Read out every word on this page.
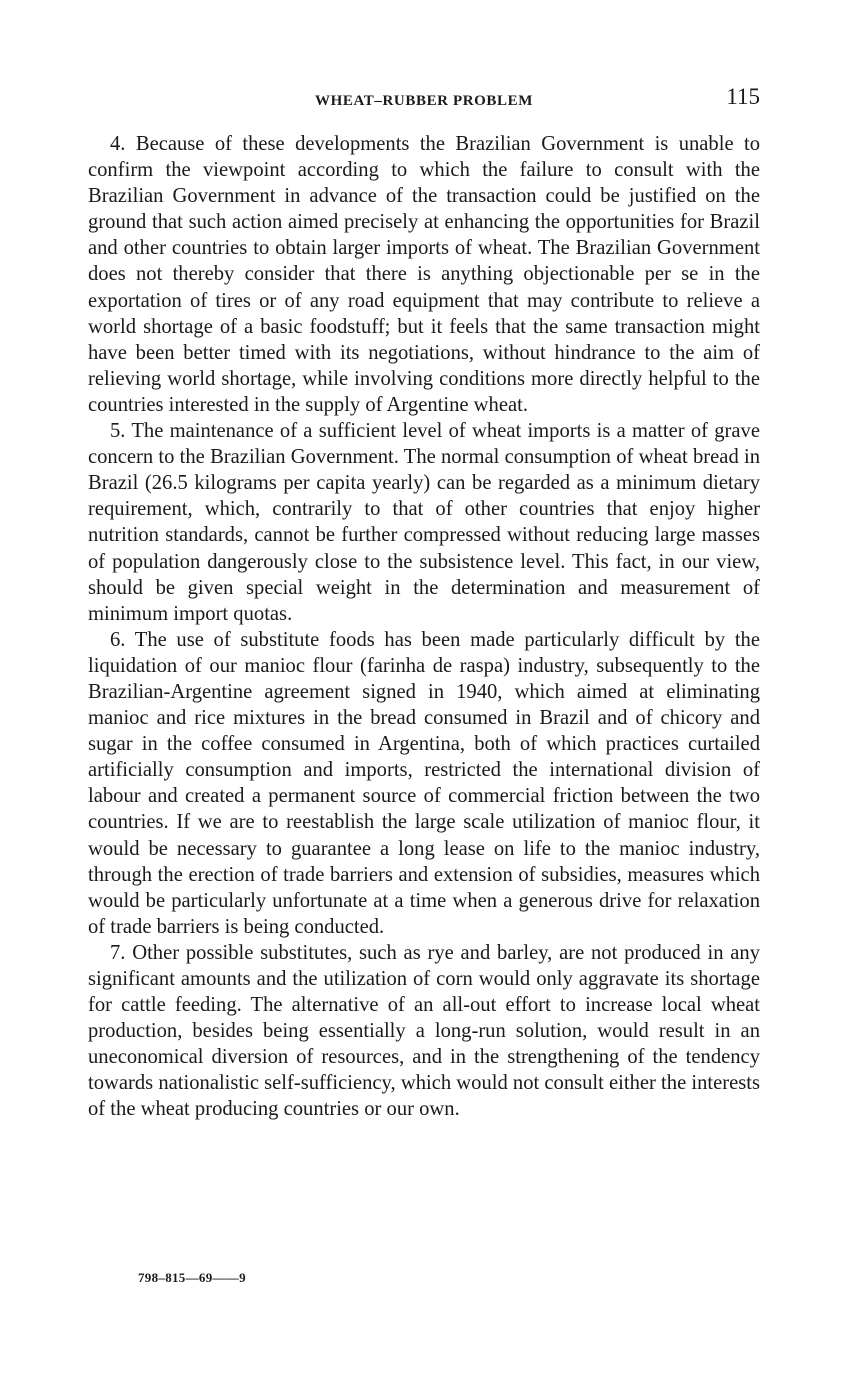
WHEAT–RUBBER PROBLEM	115

4. Because of these developments the Brazilian Government is unable to confirm the viewpoint according to which the failure to consult with the Brazilian Government in advance of the transaction could be justified on the ground that such action aimed precisely at enhancing the opportunities for Brazil and other countries to obtain larger imports of wheat. The Brazilian Government does not thereby consider that there is anything objectionable per se in the exportation of tires or of any road equipment that may contribute to relieve a world shortage of a basic foodstuff; but it feels that the same transaction might have been better timed with its negotiations, without hindrance to the aim of relieving world shortage, while involving conditions more directly helpful to the countries interested in the supply of Argentine wheat.

5. The maintenance of a sufficient level of wheat imports is a matter of grave concern to the Brazilian Government. The normal consumption of wheat bread in Brazil (26.5 kilograms per capita yearly) can be regarded as a minimum dietary requirement, which, contrarily to that of other countries that enjoy higher nutrition standards, cannot be further compressed without reducing large masses of population dangerously close to the subsistence level. This fact, in our view, should be given special weight in the determination and measurement of minimum import quotas.

6. The use of substitute foods has been made particularly difficult by the liquidation of our manioc flour (farinha de raspa) industry, subsequently to the Brazilian-Argentine agreement signed in 1940, which aimed at eliminating manioc and rice mixtures in the bread consumed in Brazil and of chicory and sugar in the coffee consumed in Argentina, both of which practices curtailed artificially consumption and imports, restricted the international division of labour and created a permanent source of commercial friction between the two countries. If we are to reestablish the large scale utilization of manioc flour, it would be necessary to guarantee a long lease on life to the manioc industry, through the erection of trade barriers and extension of subsidies, measures which would be particularly unfortunate at a time when a generous drive for relaxation of trade barriers is being conducted.

7. Other possible substitutes, such as rye and barley, are not produced in any significant amounts and the utilization of corn would only aggravate its shortage for cattle feeding. The alternative of an all-out effort to increase local wheat production, besides being essentially a long-run solution, would result in an uneconomical diversion of resources, and in the strengthening of the tendency towards nationalistic self-sufficiency, which would not consult either the interests of the wheat producing countries or our own.

798–815—69——9
